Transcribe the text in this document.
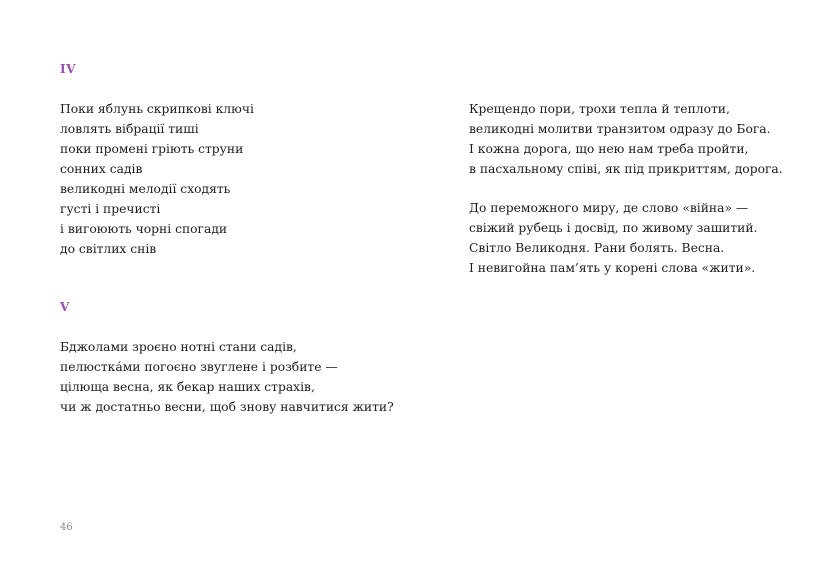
IV
Поки яблунь скрипкові ключі
ловлять вібрації тиші
поки промені гріють струни
сонних садів
великодні мелодії сходять
густі і пречисті
і вигоюють чорні спогади
до світлих снів
V
Бджолами зроєно нотні стани садів,
пелюстка́ми погоєно звуглене і розбите —
цілюща весна, як бекар наших страхів,
чи ж достатньо весни, щоб знову навчитися жити?
Крещендо пори, трохи тепла й теплоти,
великодні молитви транзитом одразу до Бога.
І кожна дорога, що нею нам треба пройти,
в пасхальному співі, як під прикриттям, дорога.
До переможного миру, де слово «війна» —
свіжий рубець і досвід, по живому зашитий.
Світло Великодня. Рани болять. Весна.
І невигойна пам’ять у корені слова «жити».
46
